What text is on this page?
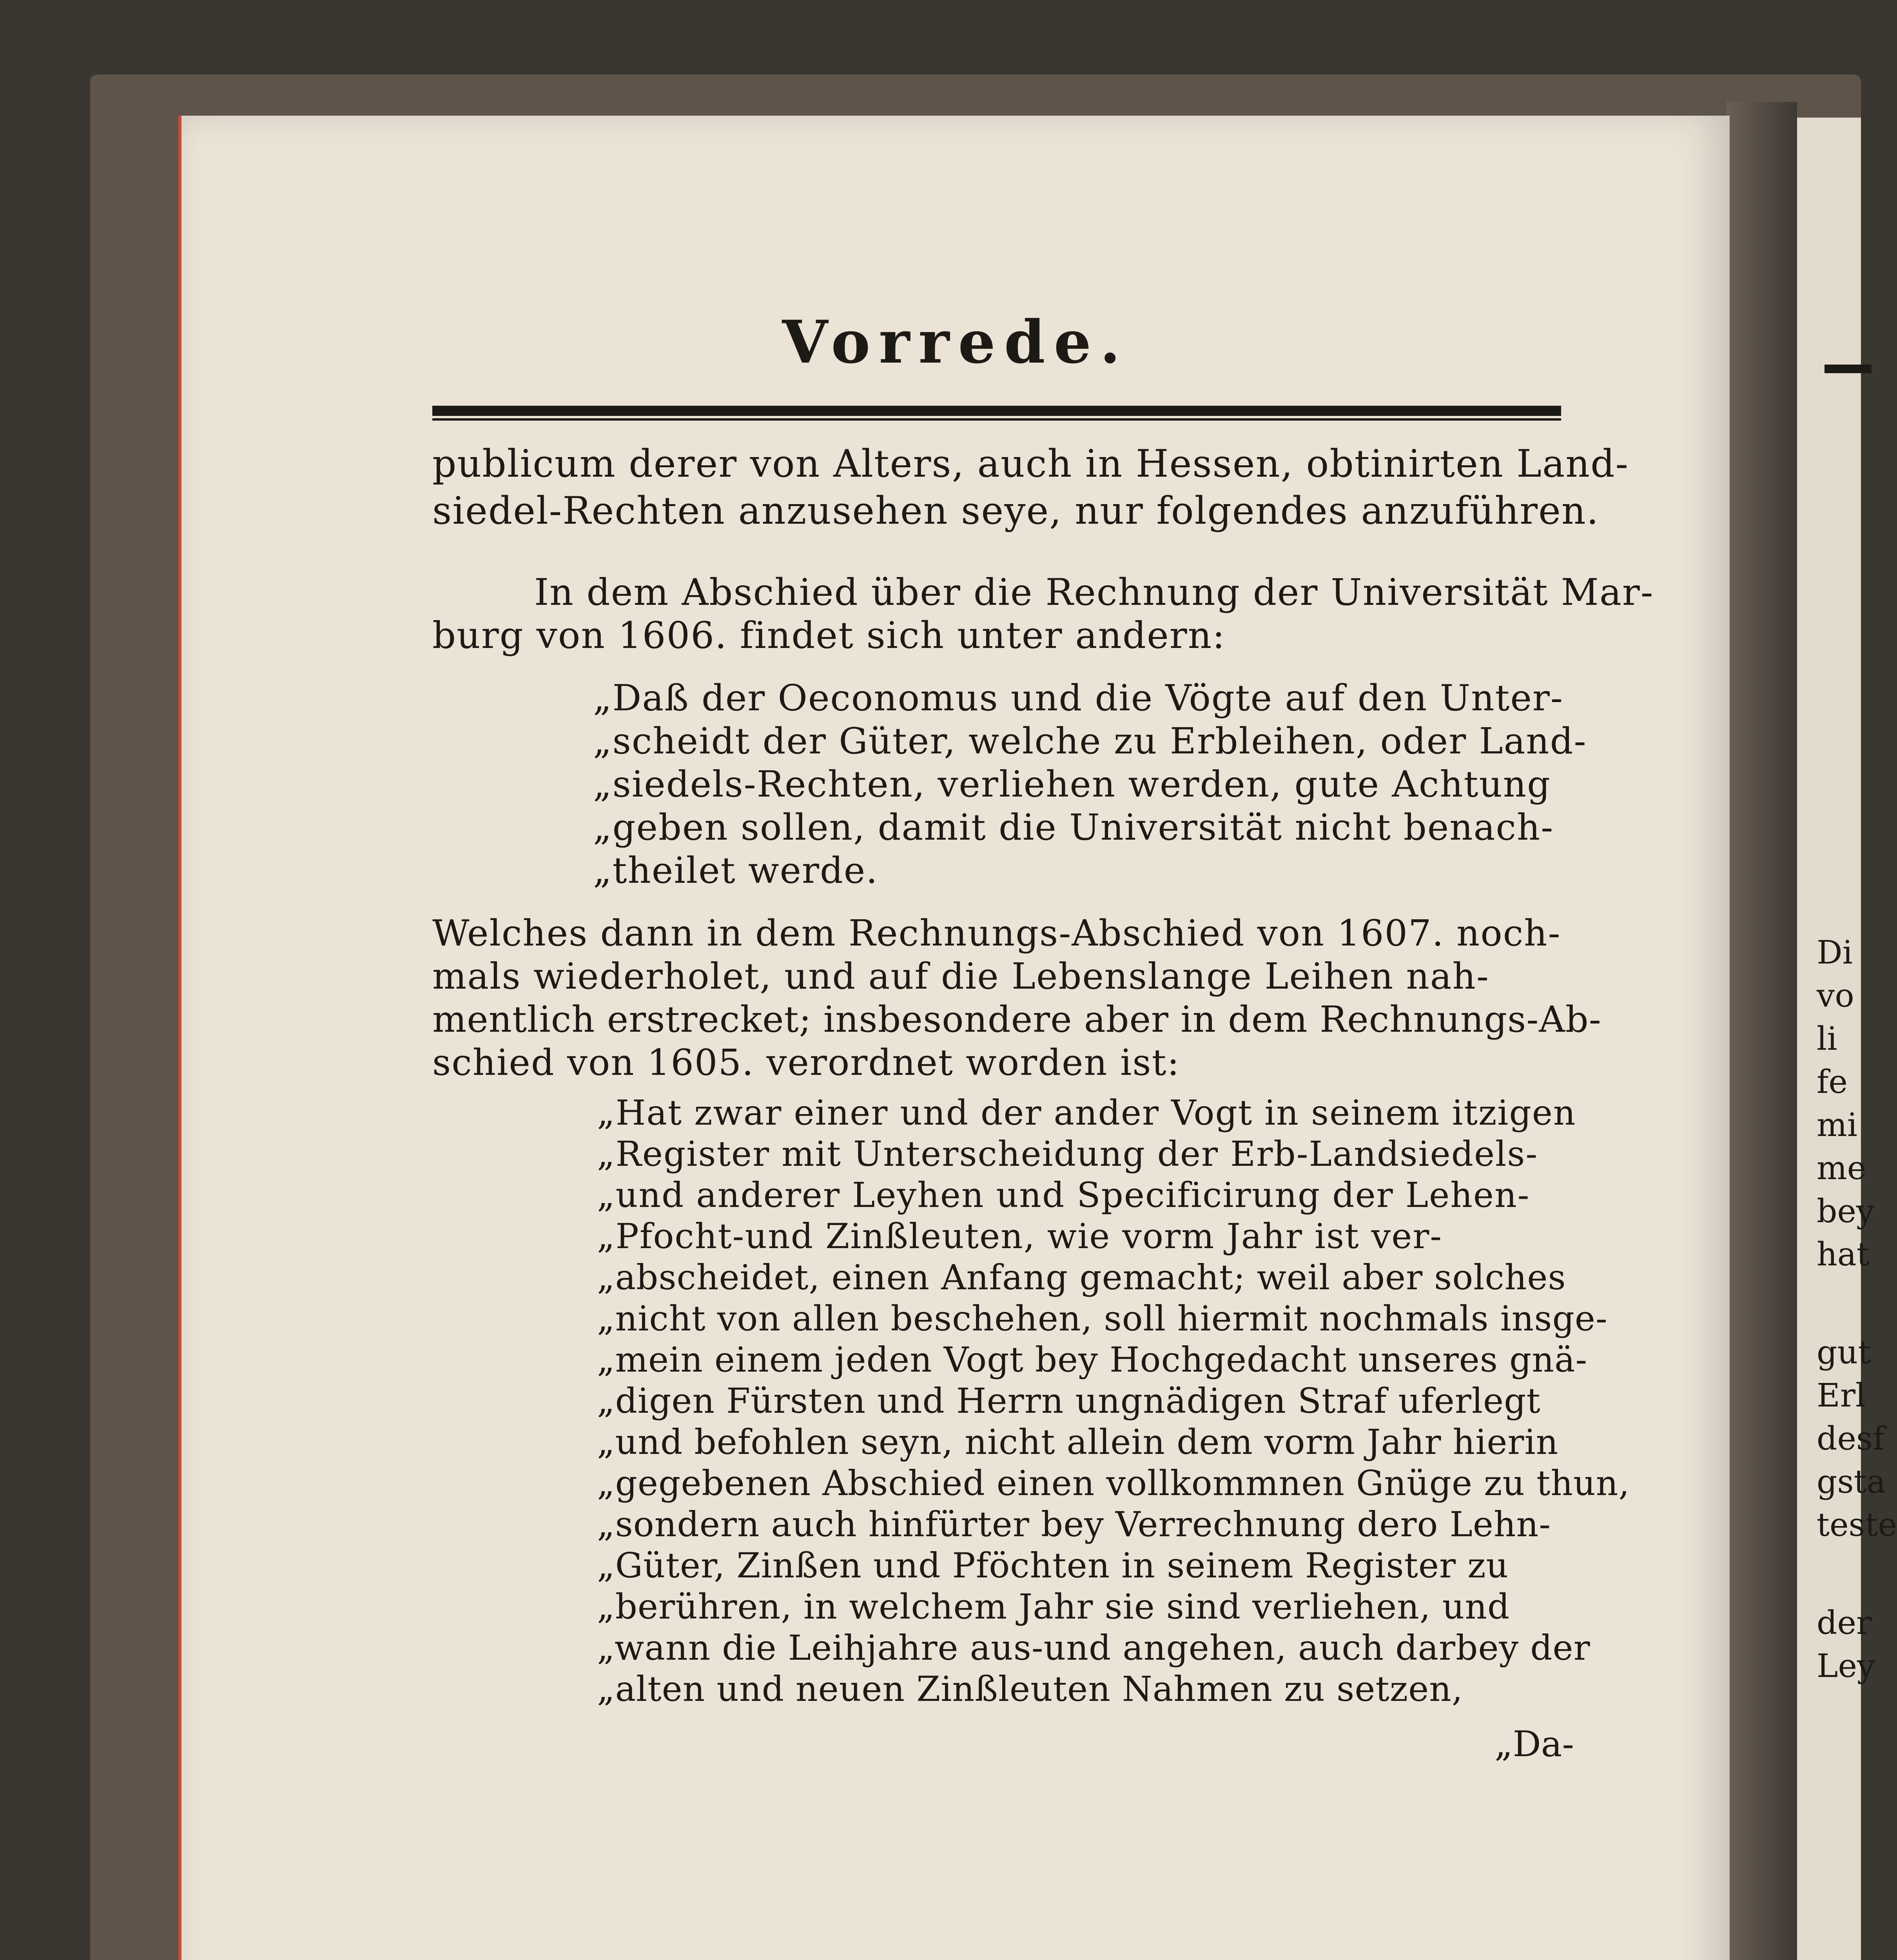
Vorrede.
publicum derer von Alters, auch in Hessen, obtinirten Land-
siedel-Rechten anzusehen seye, nur folgendes anzuführen.
In dem Abschied über die Rechnung der Universität Mar-
burg von 1606. findet sich unter andern:
„Daß der Oeconomus und die Vögte auf den Unter-
„scheidt der Güter, welche zu Erbleihen, oder Land-
„siedels-Rechten, verliehen werden, gute Achtung
„geben sollen, damit die Universität nicht benach-
„theilet werde.
Welches dann in dem Rechnungs-Abschied von 1607. noch-
mals wiederholet, und auf die Lebenslange Leihen nah-
mentlich erstrecket; insbesondere aber in dem Rechnungs-Ab-
schied von 1605. verordnet worden ist:
„Hat zwar einer und der ander Vogt in seinem itzigen
„Register mit Unterscheidung der Erb-Landsiedels-
„und anderer Leyhen und Specificirung der Lehen-
„Pfocht-und Zinßleuten, wie vorm Jahr ist ver-
„abscheidet, einen Anfang gemacht; weil aber solches
„nicht von allen beschehen, soll hiermit nochmals insge-
„mein einem jeden Vogt bey Hochgedacht unseres gnä-
„digen Fürsten und Herrn ungnädigen Straf uferlegt
„und befohlen seyn, nicht allein dem vorm Jahr hierin
„gegebenen Abschied einen vollkommnen Gnüge zu thun,
„sondern auch hinfürter bey Verrechnung dero Lehn-
„Güter, Zinßen und Pföchten in seinem Register zu
„berühren, in welchem Jahr sie sind verliehen, und
„wann die Leihjahre aus-und angehen, auch darbey der
„alten und neuen Zinßleuten Nahmen zu setzen,
„Da-
Di
vo
li
fe
mi
me
bey
hat
gut
Erl
desf
gsta
teste
der
Ley
